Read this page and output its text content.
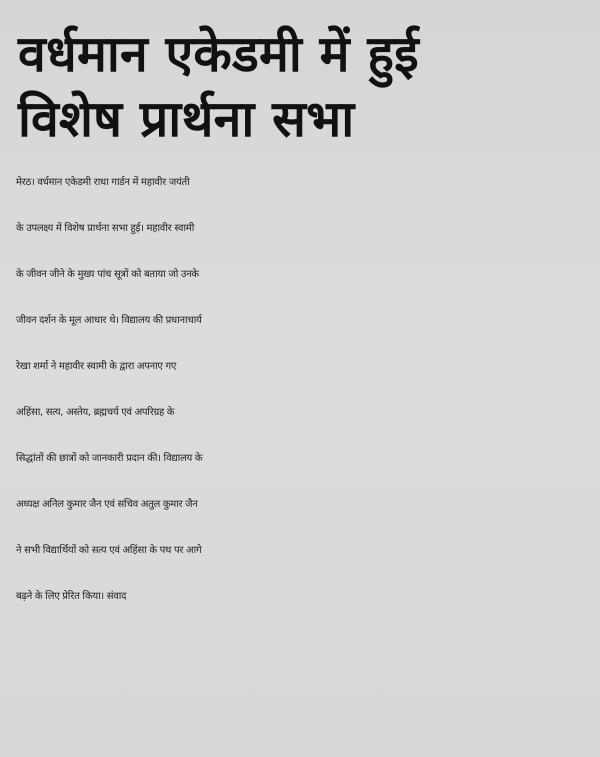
वर्धमान एकेडमी में हुई
विशेष प्रार्थना सभा
मेरठ। वर्धमान एकेडमी राधा गार्डन में महावीर जयंती
के उपलक्ष्य में विशेष प्रार्थना सभा हुई। महावीर स्वामी
के जीवन जीने के मुख्य पांच सूत्रों को बताया जो उनके
जीवन दर्शन के मूल आधार थे। विद्यालय की प्रधानाचार्य
रेखा शर्मा ने महावीर स्वामी के द्वारा अपनाए गए
अहिंसा, सत्य, अस्तेय, ब्रह्मचर्य एवं अपरिग्रह के
सिद्धांतों की छात्रों को जानकारी प्रदान की। विद्यालय के
अध्यक्ष अनिल कुमार जैन एवं सचिव अतुल कुमार जैन
ने सभी विद्यार्थियों को सत्य एवं अहिंसा के पथ पर आगे
बढ़ने के लिए प्रेरित किया। संवाद
